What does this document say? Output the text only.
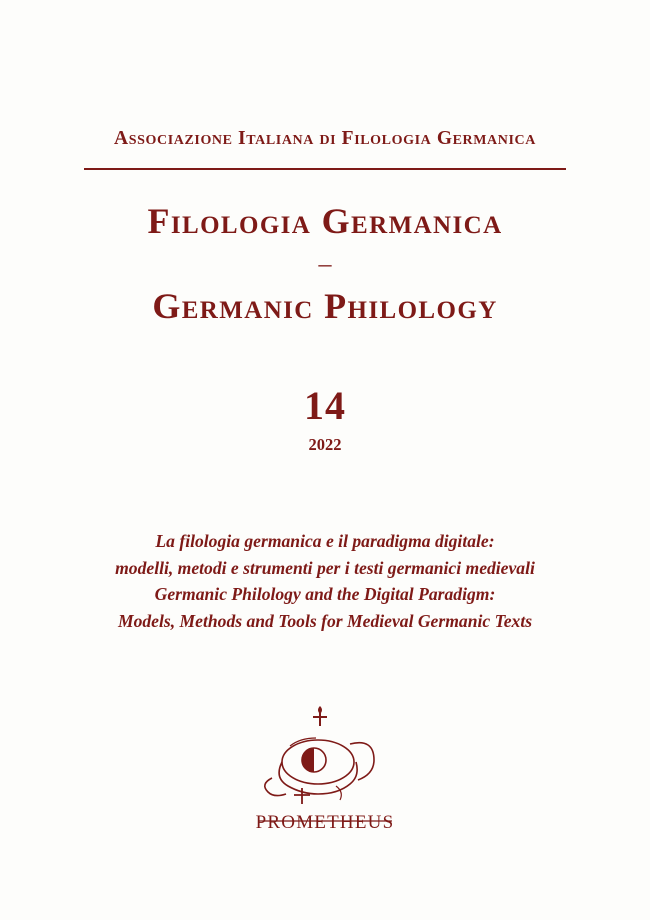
Associazione Italiana di Filologia Germanica
Filologia Germanica
–
Germanic Philology
14
2022
La filologia germanica e il paradigma digitale:
modelli, metodi e strumenti per i testi germanici medievali
Germanic Philology and the Digital Paradigm:
Models, Methods and Tools for Medieval Germanic Texts
PROMETHEUS
